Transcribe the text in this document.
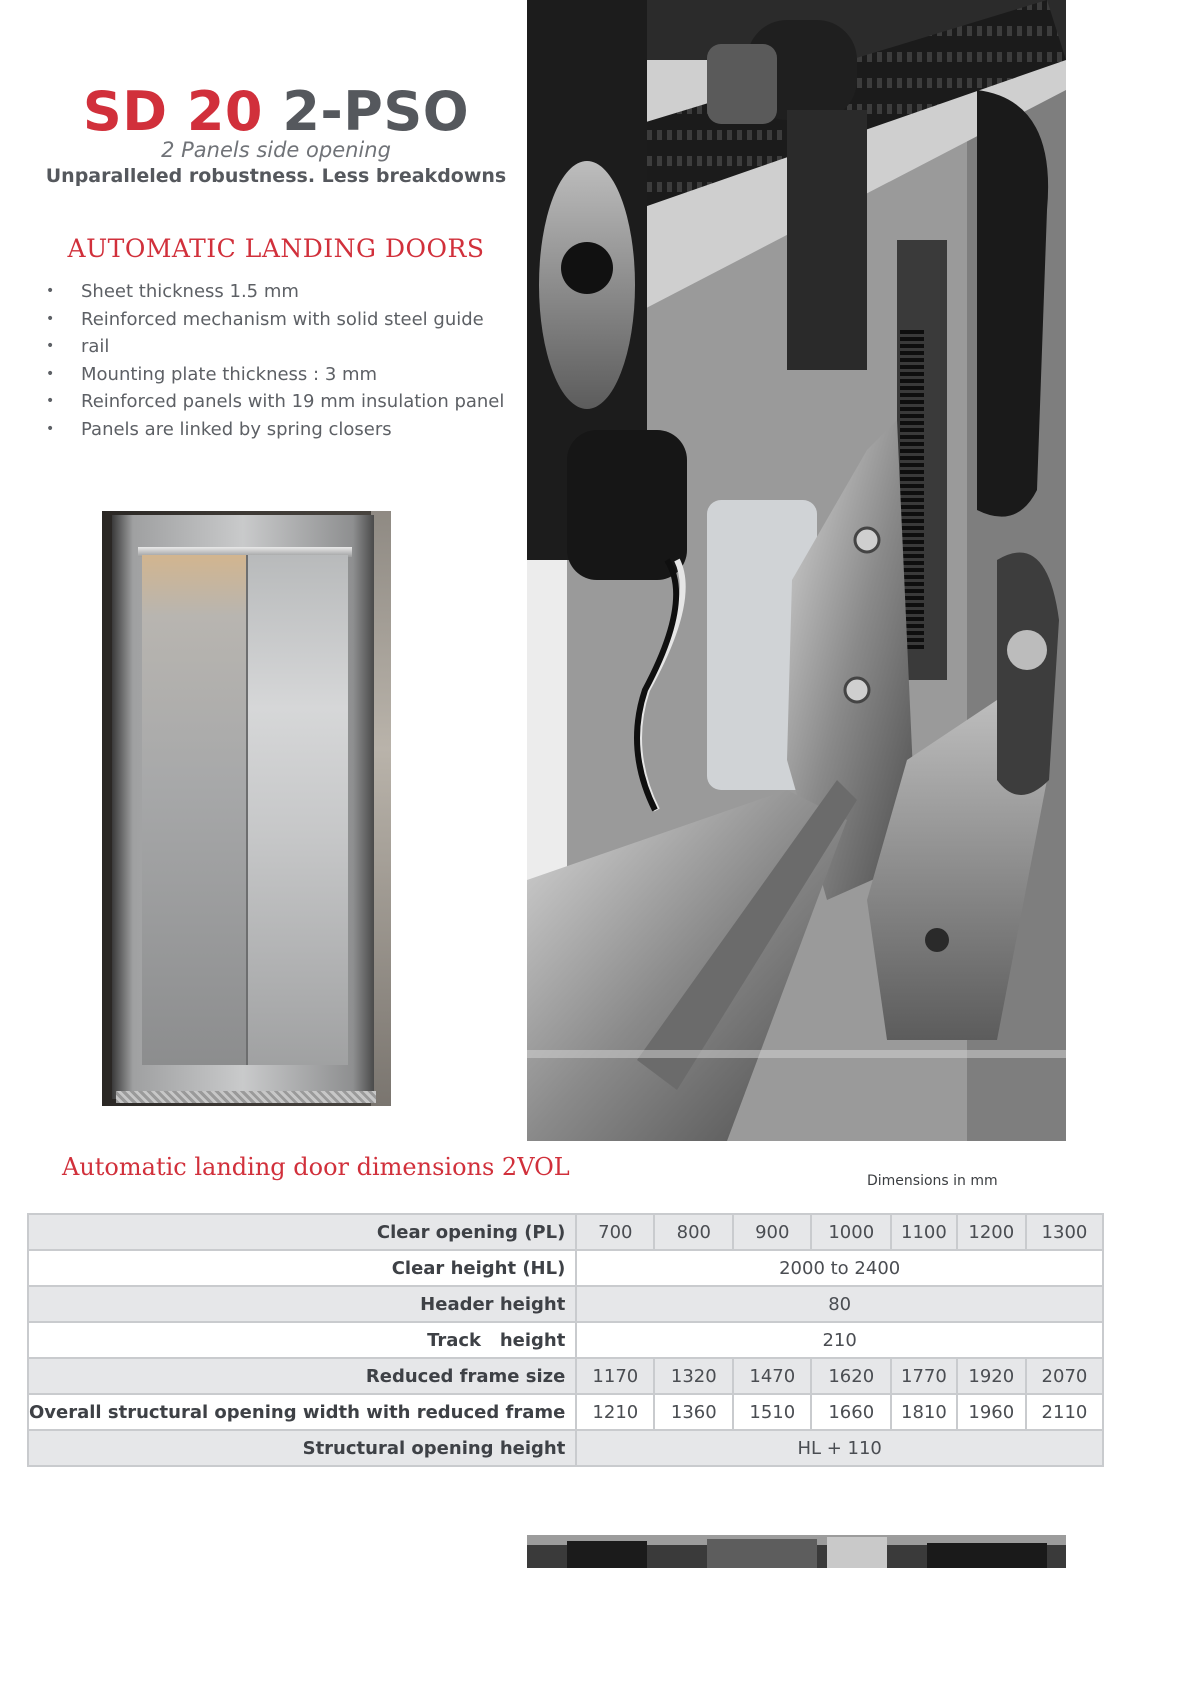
SD 20 2-PSO
2 Panels side opening
Unparalleled robustness. Less breakdowns
AUTOMATIC LANDING DOORS
• Sheet thickness 1.5 mm
• Reinforced mechanism with solid steel guide
• rail
• Mounting plate thickness : 3 mm
• Reinforced panels with 19 mm insulation panel
• Panels are linked by spring closers
Automatic landing door dimensions 2VOL	Dimensions in mm
Clear opening (PL)	700	800	900	1000	1100	1200	1300
Clear height (HL)	2000 to 2400						
Header height	80						
Track   height	210						
Reduced frame size	1170	1320	1470	1620	1770	1920	2070
Overall structural opening width with reduced frame	1210	1360	1510	1660	1810	1960	2110
Structural opening height	HL + 110						
